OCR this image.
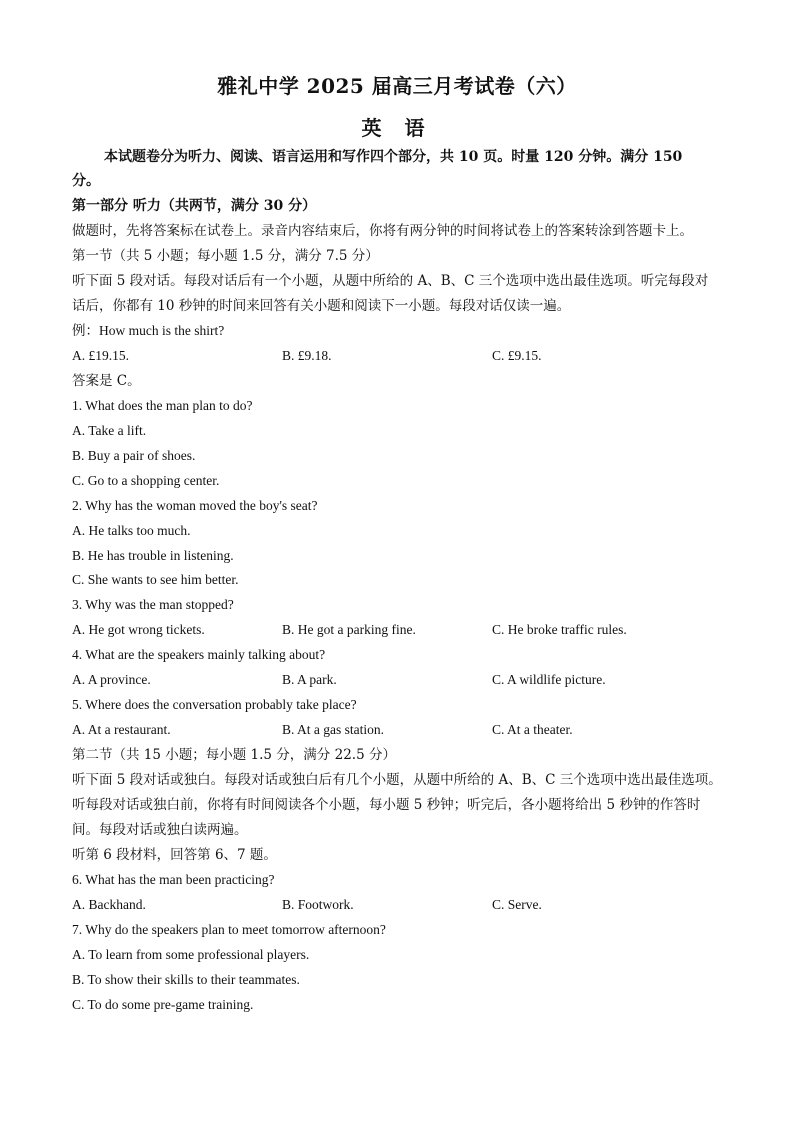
雅礼中学 2025 届高三月考试卷（六）
英 语
本试题卷分为听力、阅读、语言运用和写作四个部分，共 10 页。时量 120 分钟。满分 150
分。
第一部分 听力（共两节，满分 30 分）
做题时，先将答案标在试卷上。录音内容结束后，你将有两分钟的时间将试卷上的答案转涂到答题卡上。
第一节（共 5 小题；每小题 1.5 分，满分 7.5 分）
听下面 5 段对话。每段对话后有一个小题，从题中所给的 A、B、C 三个选项中选出最佳选项。听完每段对
话后，你都有 10 秒钟的时间来回答有关小题和阅读下一小题。每段对话仅读一遍。
例：How much is the shirt?
A. £19.15.	B. £9.18.	C. £9.15.
答案是 C。
1. What does the man plan to do?
A. Take a lift.
B. Buy a pair of shoes.
C. Go to a shopping center.
2. Why has the woman moved the boy's seat?
A. He talks too much.
B. He has trouble in listening.
C. She wants to see him better.
3. Why was the man stopped?
A. He got wrong tickets.	B. He got a parking fine.	C. He broke traffic rules.
4. What are the speakers mainly talking about?
A. A province.	B. A park.	C. A wildlife picture.
5. Where does the conversation probably take place?
A. At a restaurant.	B. At a gas station.	C. At a theater.
第二节（共 15 小题；每小题 1.5 分，满分 22.5 分）
听下面 5 段对话或独白。每段对话或独白后有几个小题，从题中所给的 A、B、C 三个选项中选出最佳选项。
听每段对话或独白前，你将有时间阅读各个小题，每小题 5 秒钟；听完后，各小题将给出 5 秒钟的作答时
间。每段对话或独白读两遍。
听第 6 段材料，回答第 6、7 题。
6. What has the man been practicing?
A. Backhand.	B. Footwork.	C. Serve.
7. Why do the speakers plan to meet tomorrow afternoon?
A. To learn from some professional players.
B. To show their skills to their teammates.
C. To do some pre-game training.
